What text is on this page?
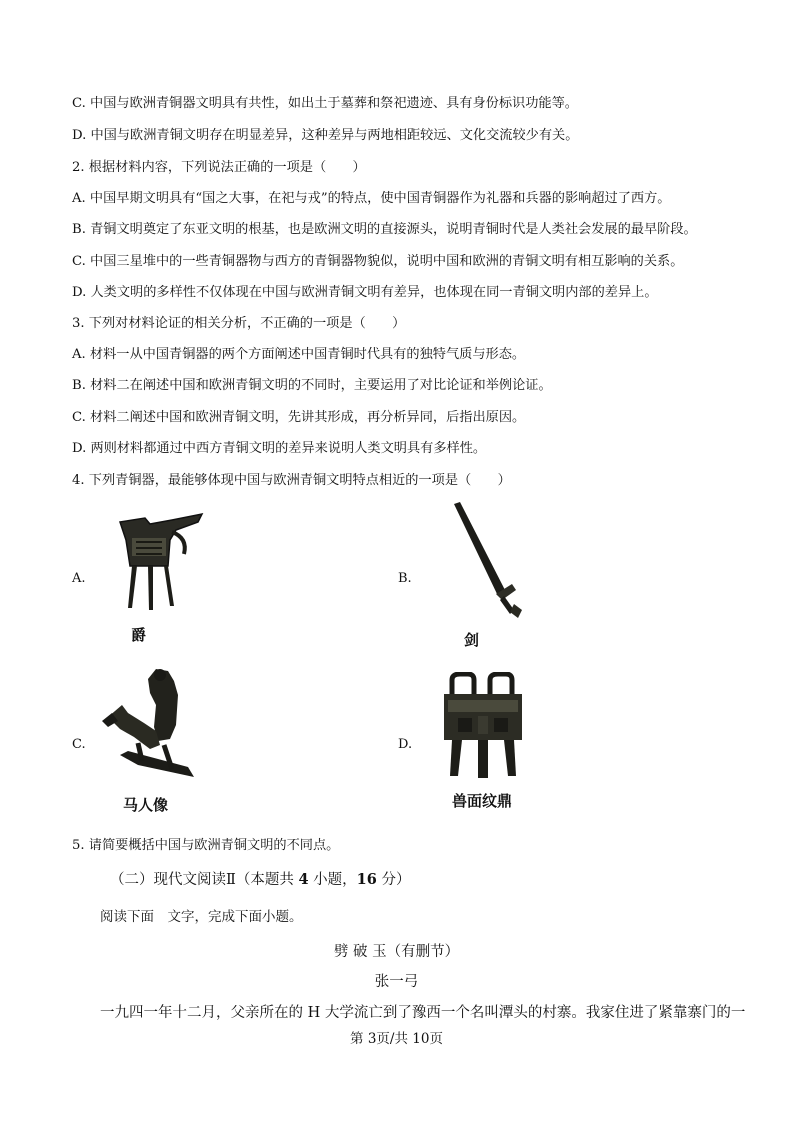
C. 中国与欧洲青铜器文明具有共性，如出土于墓葬和祭祀遗迹、具有身份标识功能等。
D. 中国与欧洲青铜文明存在明显差异，这种差异与两地相距较远、文化交流较少有关。
2. 根据材料内容，下列说法正确的一项是（　　）
A. 中国早期文明具有“国之大事，在祀与戎”的特点，使中国青铜器作为礼器和兵器的影响超过了西方。
B. 青铜文明奠定了东亚文明的根基，也是欧洲文明的直接源头，说明青铜时代是人类社会发展的最早阶段。
C. 中国三星堆中的一些青铜器物与西方的青铜器物貌似，说明中国和欧洲的青铜文明有相互影响的关系。
D. 人类文明的多样性不仅体现在中国与欧洲青铜文明有差异，也体现在同一青铜文明内部的差异上。
3. 下列对材料论证的相关分析，不正确的一项是（　　）
A. 材料一从中国青铜器的两个方面阐述中国青铜时代具有的独特气质与形态。
B. 材料二在阐述中国和欧洲青铜文明的不同时，主要运用了对比论证和举例论证。
C. 材料二阐述中国和欧洲青铜文明，先讲其形成，再分析异同，后指出原因。
D. 两则材料都通过中西方青铜文明的差异来说明人类文明具有多样性。
4. 下列青铜器，最能够体现中国与欧洲青铜文明特点相近的一项是（　　）
A.
爵
B.
剑
C.
马人像
D.
兽面纹鼎
5. 请简要概括中国与欧洲青铜文明的不同点。
（二）现代文阅读Ⅱ（本题共 4 小题，16 分）
阅读下面　文字，完成下面小题。
劈 破 玉（有删节）
张一弓
一九四一年十二月，父亲所在的 H 大学流亡到了豫西一个名叫潭头的村寨。我家住进了紧靠寨门的一
第 3页/共 10页
